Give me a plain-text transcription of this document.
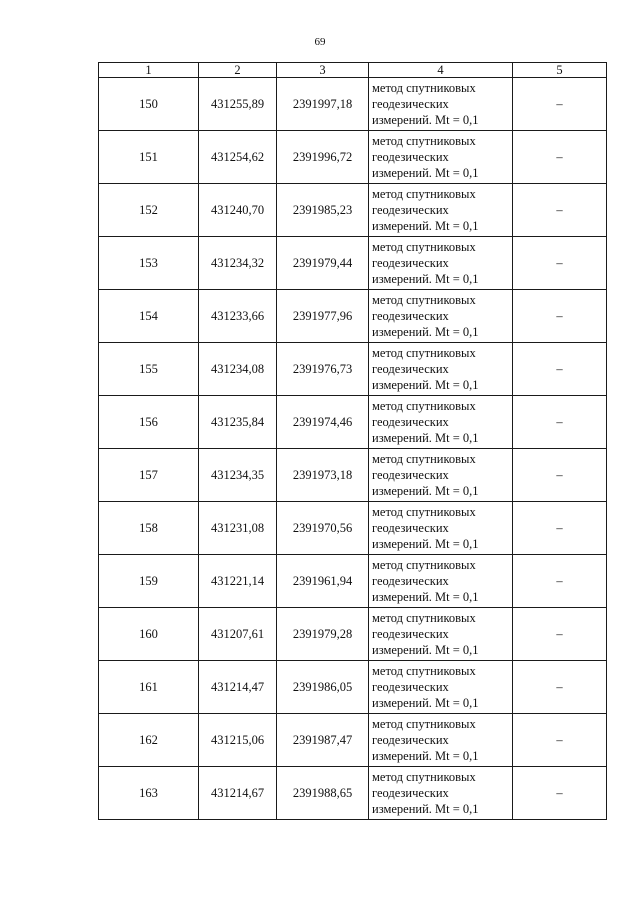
69
1	2	3	4	5
150	431255,89	2391997,18	метод спутниковых
геодезических
измерений. Mt = 0,1	–
151	431254,62	2391996,72	метод спутниковых
геодезических
измерений. Mt = 0,1	–
152	431240,70	2391985,23	метод спутниковых
геодезических
измерений. Mt = 0,1	–
153	431234,32	2391979,44	метод спутниковых
геодезических
измерений. Mt = 0,1	–
154	431233,66	2391977,96	метод спутниковых
геодезических
измерений. Mt = 0,1	–
155	431234,08	2391976,73	метод спутниковых
геодезических
измерений. Mt = 0,1	–
156	431235,84	2391974,46	метод спутниковых
геодезических
измерений. Mt = 0,1	–
157	431234,35	2391973,18	метод спутниковых
геодезических
измерений. Mt = 0,1	–
158	431231,08	2391970,56	метод спутниковых
геодезических
измерений. Mt = 0,1	–
159	431221,14	2391961,94	метод спутниковых
геодезических
измерений. Mt = 0,1	–
160	431207,61	2391979,28	метод спутниковых
геодезических
измерений. Mt = 0,1	–
161	431214,47	2391986,05	метод спутниковых
геодезических
измерений. Mt = 0,1	–
162	431215,06	2391987,47	метод спутниковых
геодезических
измерений. Mt = 0,1	–
163	431214,67	2391988,65	метод спутниковых
геодезических
измерений. Mt = 0,1	–
